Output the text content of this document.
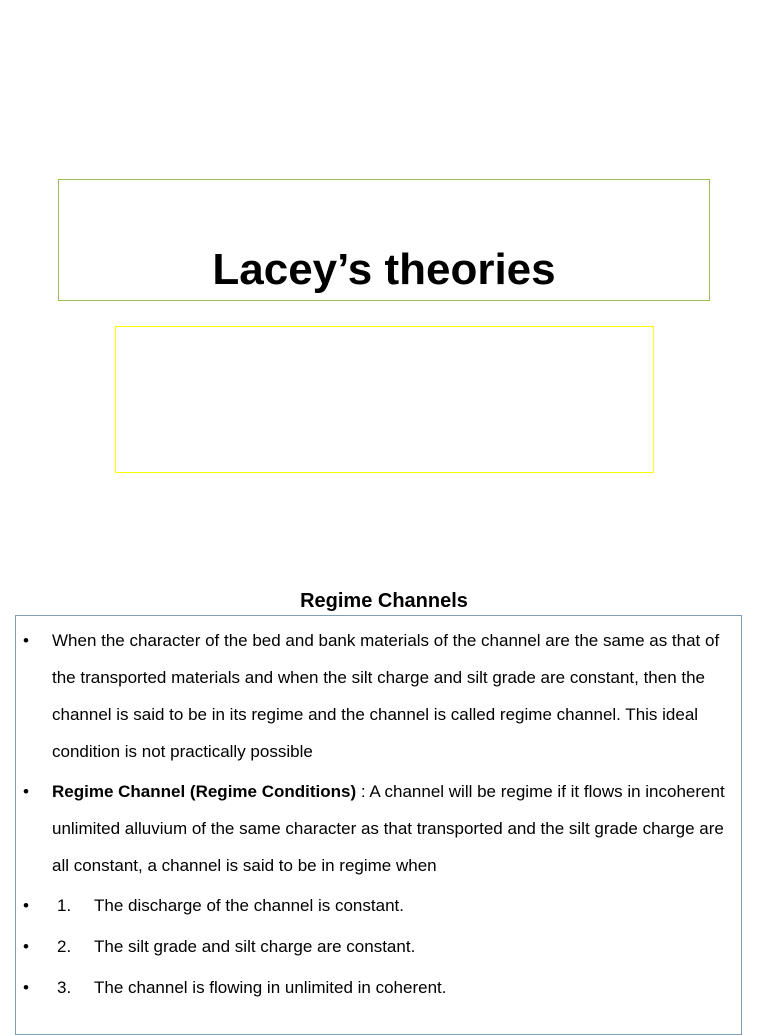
Lacey’s theories
Regime Channels
•	When the character of the bed and bank materials of the channel are the same as that of the transported materials and when the silt charge and silt grade are constant, then the channel is said to be in its regime and the channel is called regime channel. This ideal condition is not practically possible
•	Regime Channel (Regime Conditions) : A channel will be regime if it flows in incoherent unlimited alluvium of the same character as that transported and the silt grade charge are all constant, a channel is said to be in regime when
•	1. The discharge of the channel is constant.
•	2. The silt grade and silt charge are constant.
•	3. The channel is flowing in unlimited in coherent.
